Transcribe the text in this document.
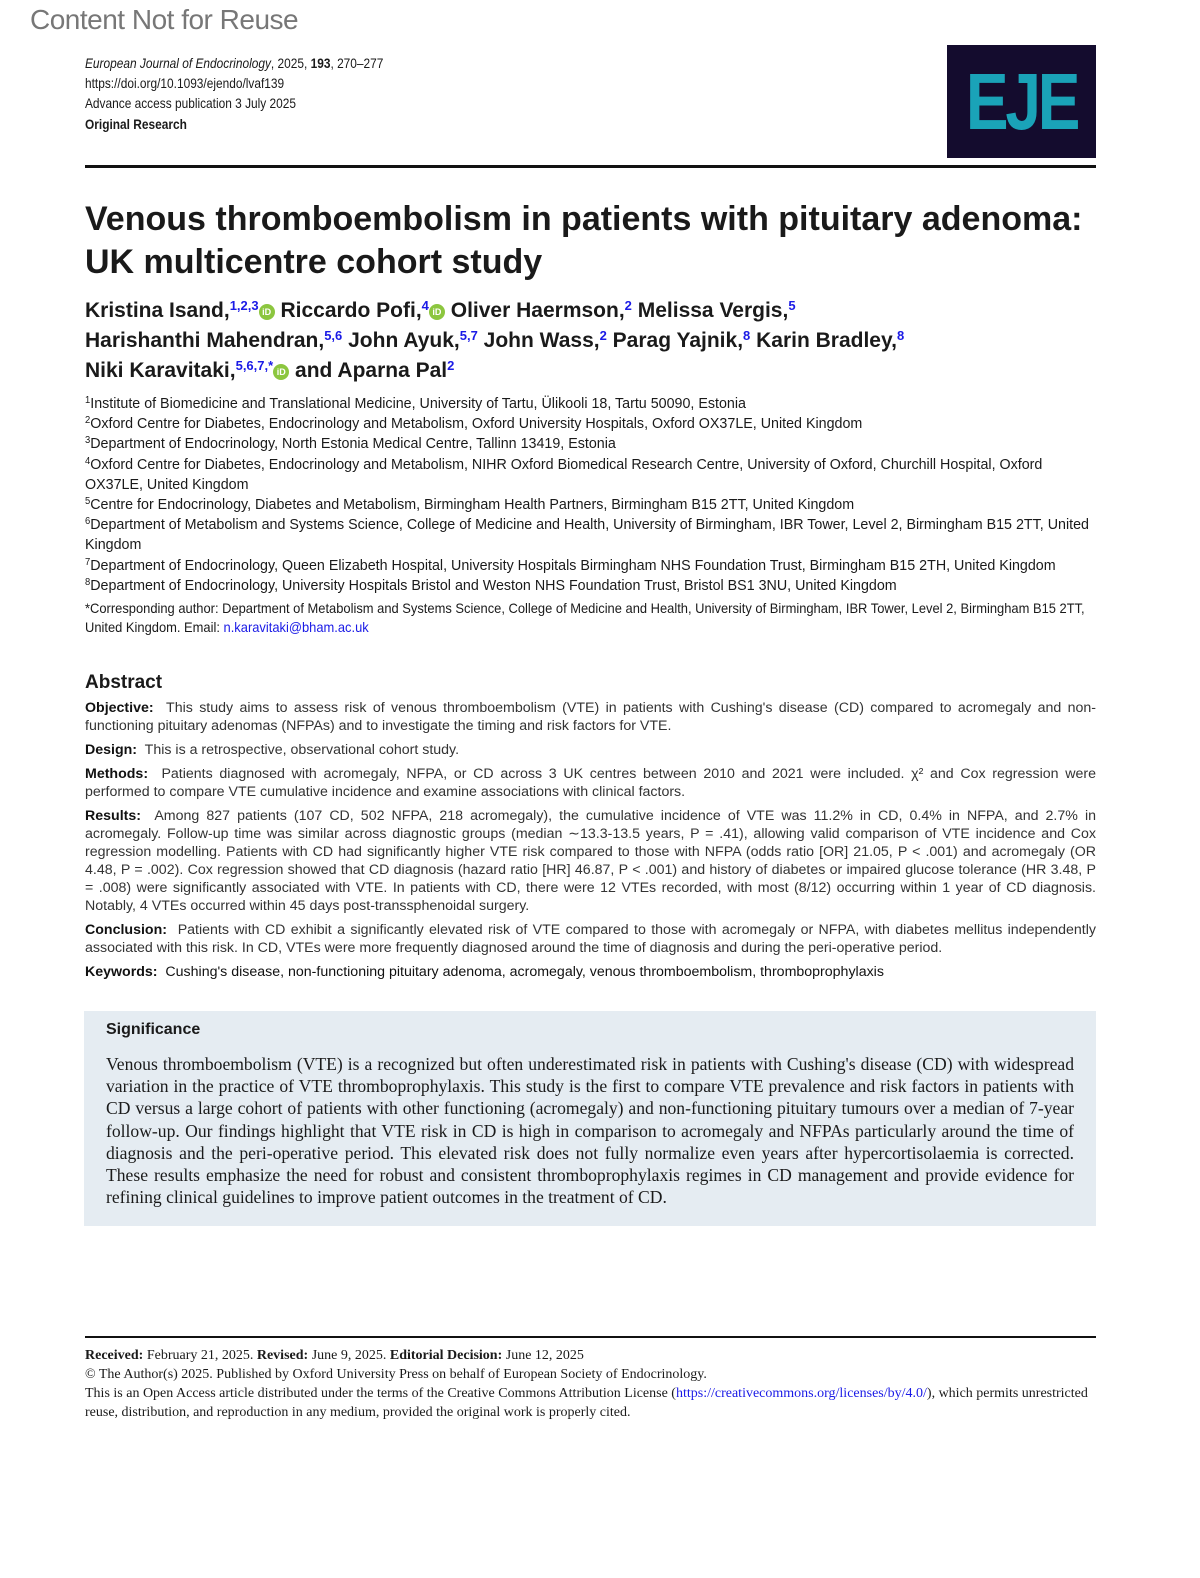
Content Not for Reuse
European Journal of Endocrinology, 2025, 193, 270–277
https://doi.org/10.1093/ejendo/lvaf139
Advance access publication 3 July 2025
Original Research	EJE
Venous thromboembolism in patients with pituitary adenoma: UK multicentre cohort study
Kristina Isand,$^{1,2,3}$ iD Riccardo Pofi,$^4$ iD Oliver Haermson,$^2$ Melissa Vergis,$^5$
Harishanthi Mahendran,$^{5,6}$ John Ayuk,$^{5,7}$ John Wass,$^2$ Parag Yajnik,$^8$ Karin Bradley,$^8$
Niki Karavitaki,$^{5,6,7,*}$ iD and Aparna Pal$^2$
$^1$Institute of Biomedicine and Translational Medicine, University of Tartu, Ülikooli 18, Tartu 50090, Estonia
$^2$Oxford Centre for Diabetes, Endocrinology and Metabolism, Oxford University Hospitals, Oxford OX37LE, United Kingdom
$^3$Department of Endocrinology, North Estonia Medical Centre, Tallinn 13419, Estonia
$^4$Oxford Centre for Diabetes, Endocrinology and Metabolism, NIHR Oxford Biomedical Research Centre, University of Oxford, Churchill Hospital, Oxford OX37LE, United Kingdom
$^5$Centre for Endocrinology, Diabetes and Metabolism, Birmingham Health Partners, Birmingham B15 2TT, United Kingdom
$^6$Department of Metabolism and Systems Science, College of Medicine and Health, University of Birmingham, IBR Tower, Level 2, Birmingham B15 2TT, United Kingdom
$^7$Department of Endocrinology, Queen Elizabeth Hospital, University Hospitals Birmingham NHS Foundation Trust, Birmingham B15 2TH, United Kingdom
$^8$Department of Endocrinology, University Hospitals Bristol and Weston NHS Foundation Trust, Bristol BS1 3NU, United Kingdom
*Corresponding author: Department of Metabolism and Systems Science, College of Medicine and Health, University of Birmingham, IBR Tower, Level 2, Birmingham B15 2TT, United Kingdom. Email: n.karavitaki@bham.ac.uk
Abstract

Objective: This study aims to assess risk of venous thromboembolism (VTE) in patients with Cushing's disease (CD) compared to acromegaly and non-functioning pituitary adenomas (NFPAs) and to investigate the timing and risk factors for VTE.

Design: This is a retrospective, observational cohort study.

Methods: Patients diagnosed with acromegaly, NFPA, or CD across 3 UK centres between 2010 and 2021 were included. χ² and Cox regression were performed to compare VTE cumulative incidence and examine associations with clinical factors.

Results: Among 827 patients (107 CD, 502 NFPA, 218 acromegaly), the cumulative incidence of VTE was 11.2% in CD, 0.4% in NFPA, and 2.7% in acromegaly. Follow-up time was similar across diagnostic groups (median ∼13.3-13.5 years, P = .41), allowing valid comparison of VTE incidence and Cox regression modelling. Patients with CD had significantly higher VTE risk compared to those with NFPA (odds ratio [OR] 21.05, P < .001) and acromegaly (OR 4.48, P = .002). Cox regression showed that CD diagnosis (hazard ratio [HR] 46.87, P < .001) and history of diabetes or impaired glucose tolerance (HR 3.48, P = .008) were significantly associated with VTE. In patients with CD, there were 12 VTEs recorded, with most (8/12) occurring within 1 year of CD diagnosis. Notably, 4 VTEs occurred within 45 days post-transsphenoidal surgery.

Conclusion: Patients with CD exhibit a significantly elevated risk of VTE compared to those with acromegaly or NFPA, with diabetes mellitus independently associated with this risk. In CD, VTEs were more frequently diagnosed around the time of diagnosis and during the peri-operative period.

Keywords: Cushing's disease, non-functioning pituitary adenoma, acromegaly, venous thromboembolism, thromboprophylaxis

Significance

Venous thromboembolism (VTE) is a recognized but often underestimated risk in patients with Cushing's disease (CD) with widespread variation in the practice of VTE thromboprophylaxis. This study is the first to compare VTE prevalence and risk factors in patients with CD versus a large cohort of patients with other functioning (acromegaly) and non-functioning pituitary tumours over a median of 7-year follow-up. Our findings highlight that VTE risk in CD is high in comparison to acromegaly and NFPAs particularly around the time of diagnosis and the peri-operative period. This elevated risk does not fully normalize even years after hypercortisolaemia is corrected. These results emphasize the need for robust and consistent thromboprophylaxis regimes in CD management and provide evidence for refining clinical guidelines to improve patient outcomes in the treatment of CD.

Received: February 21, 2025. Revised: June 9, 2025. Editorial Decision: June 12, 2025
© The Author(s) 2025. Published by Oxford University Press on behalf of European Society of Endocrinology.
This is an Open Access article distributed under the terms of the Creative Commons Attribution License (https://creativecommons.org/licenses/by/4.0/), which permits unrestricted reuse, distribution, and reproduction in any medium, provided the original work is properly cited.
